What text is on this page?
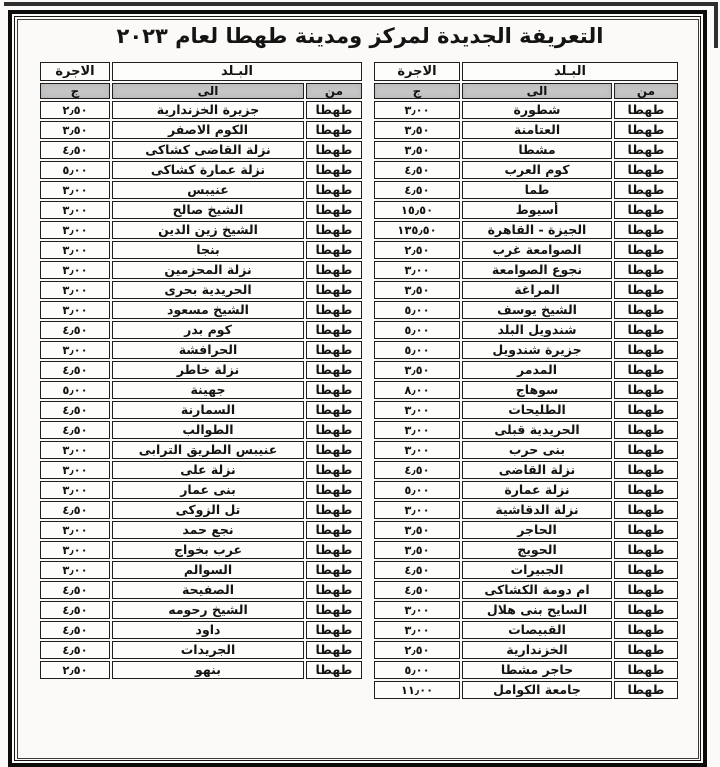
التعريفة الجديدة لمركز ومدينة طهطا لعام ٢٠٢٣
البـلد		الاجرة
من	الى	ج
طهطا	شطورة	٣٫٠٠
طهطا	العتامنة	٣٫٥٠
طهطا	مشطا	٣٫٥٠
طهطا	كوم العرب	٤٫٥٠
طهطا	طما	٤٫٥٠
طهطا	أسيوط	١٥٫٥٠
طهطا	الجيزة - القاهرة	١٣٥٫٥٠
طهطا	الصوامعة غرب	٢٫٥٠
طهطا	نجوع الصوامعة	٣٫٠٠
طهطا	المراغة	٣٫٥٠
طهطا	الشيخ يوسف	٥٫٠٠
طهطا	شندويل البلد	٥٫٠٠
طهطا	جزيرة شندويل	٥٫٠٠
طهطا	المدمر	٣٫٥٠
طهطا	سوهاج	٨٫٠٠
طهطا	الطليحات	٣٫٠٠
طهطا	الحريدية قبلى	٣٫٠٠
طهطا	بنى حرب	٣٫٠٠
طهطا	نزلة القاضى	٤٫٥٠
طهطا	نزلة عمارة	٥٫٠٠
طهطا	نزلة الدقاشية	٣٫٠٠
طهطا	الحاجر	٣٫٥٠
طهطا	الحويج	٣٫٥٠
طهطا	الجبيرات	٤٫٥٠
طهطا	ام دومة الكشاكى	٤٫٥٠
طهطا	السايح بنى هلال	٣٫٠٠
طهطا	القبيصات	٣٫٠٠
طهطا	الخزندارية	٢٫٥٠
طهطا	حاجر مشطا	٥٫٠٠
طهطا	جامعة الكوامل	١١٫٠٠
البـلد		الاجرة
من	الى	ج
طهطا	جزيرة الخزندارية	٢٫٥٠
طهطا	الكوم الاصفر	٣٫٥٠
طهطا	نزلة القاضى كشاكى	٤٫٥٠
طهطا	نزلة عمارة كشاكى	٥٫٠٠
طهطا	عنيبس	٣٫٠٠
طهطا	الشيخ صالح	٣٫٠٠
طهطا	الشيخ زين الدين	٣٫٠٠
طهطا	بنجا	٣٫٠٠
طهطا	نزلة المحزمين	٣٫٠٠
طهطا	الحريدية بحرى	٣٫٠٠
طهطا	الشيخ مسعود	٣٫٠٠
طهطا	كوم بدر	٤٫٥٠
طهطا	الحرافشة	٣٫٠٠
طهطا	نزلة خاطر	٤٫٥٠
طهطا	جهينة	٥٫٠٠
طهطا	السمارنة	٤٫٥٠
طهطا	الطوالب	٤٫٥٠
طهطا	عنيبس الطريق الترابى	٣٫٠٠
طهطا	نزلة على	٣٫٠٠
طهطا	بنى عمار	٣٫٠٠
طهطا	تل الزوكى	٤٫٥٠
طهطا	نجع حمد	٣٫٠٠
طهطا	عرب بخواج	٣٫٠٠
طهطا	السوالم	٣٫٠٠
طهطا	الصفيحة	٤٫٥٠
طهطا	الشيخ رحومه	٤٫٥٠
طهطا	داود	٤٫٥٠
طهطا	الجريدات	٤٫٥٠
طهطا	بنهو	٢٫٥٠
